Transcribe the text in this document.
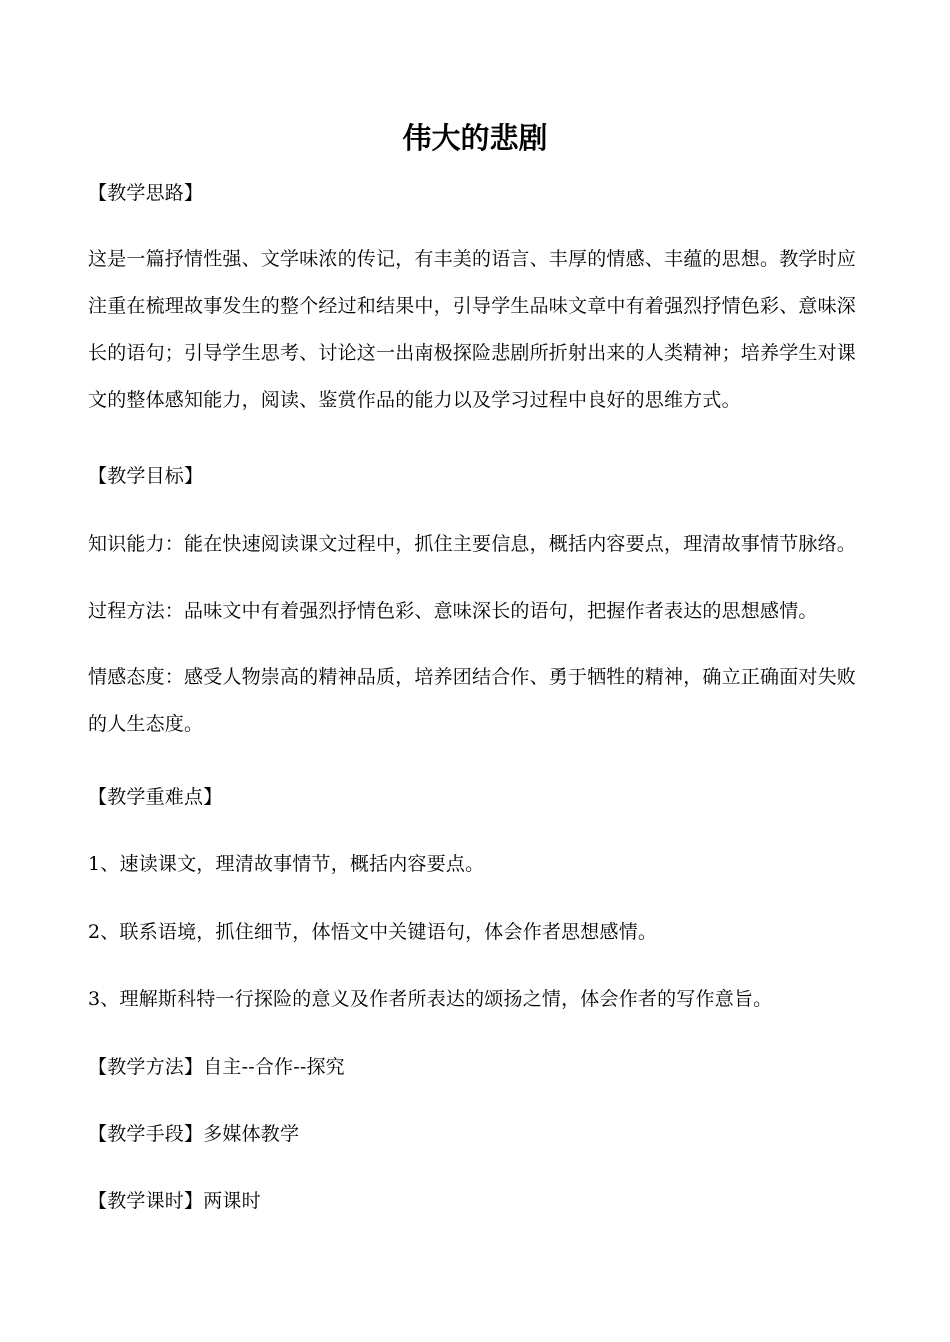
伟大的悲剧
【教学思路】
这是一篇抒情性强、文学味浓的传记，有丰美的语言、丰厚的情感、丰蕴的思想。教学时应注重在梳理故事发生的整个经过和结果中，引导学生品味文章中有着强烈抒情色彩、意味深长的语句；引导学生思考、讨论这一出南极探险悲剧所折射出来的人类精神；培养学生对课文的整体感知能力，阅读、鉴赏作品的能力以及学习过程中良好的思维方式。
【教学目标】
知识能力：能在快速阅读课文过程中，抓住主要信息，概括内容要点，理清故事情节脉络。
过程方法：品味文中有着强烈抒情色彩、意味深长的语句，把握作者表达的思想感情。
情感态度：感受人物崇高的精神品质，培养团结合作、勇于牺牲的精神，确立正确面对失败的人生态度。
【教学重难点】
1、速读课文，理清故事情节，概括内容要点。
2、联系语境，抓住细节，体悟文中关键语句，体会作者思想感情。
3、理解斯科特一行探险的意义及作者所表达的颂扬之情，体会作者的写作意旨。
【教学方法】自主--合作--探究
【教学手段】多媒体教学
【教学课时】两课时
